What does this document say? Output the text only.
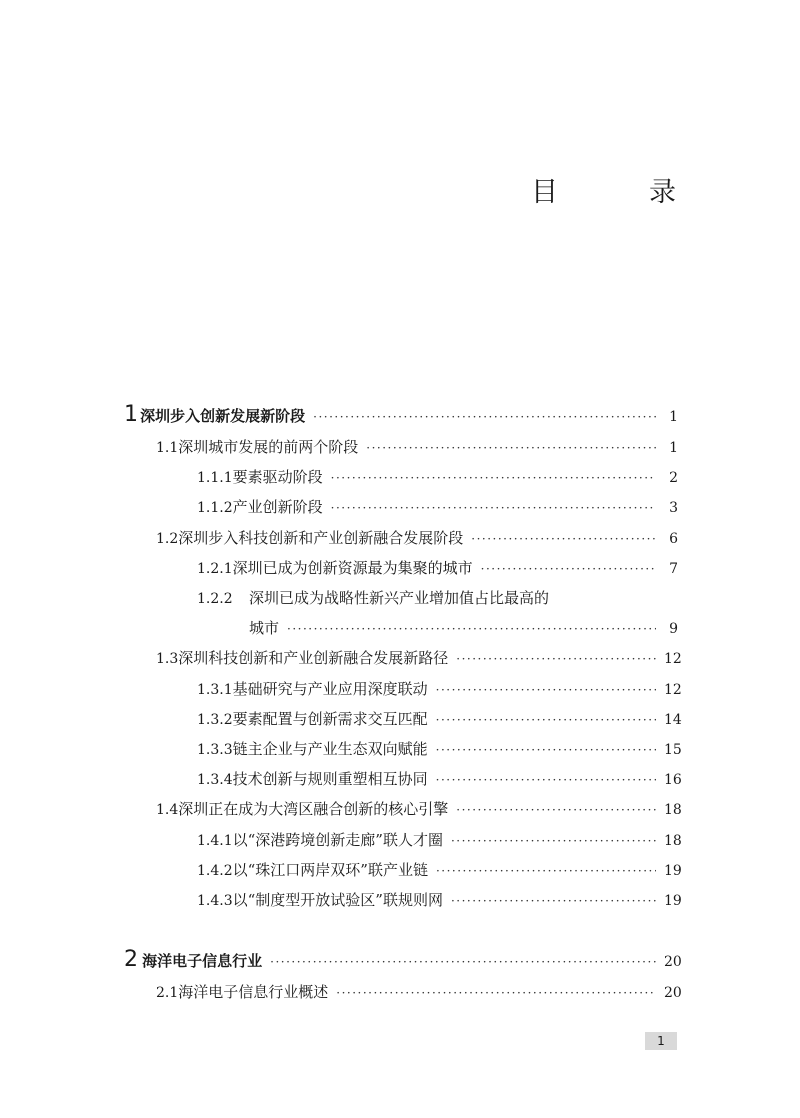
目　录
1 深圳步入创新发展新阶段 ·····	1
1.1 深圳城市发展的前两个阶段 ·····	1
1.1.1 要素驱动阶段 ·····	2
1.1.2 产业创新阶段 ·····	3
1.2 深圳步入科技创新和产业创新融合发展阶段 ·····	6
1.2.1 深圳已成为创新资源最为集聚的城市 ·····	7
1.2.2	深圳已成为战略性新兴产业增加值占比最高的
城市 ·····	9
1.3 深圳科技创新和产业创新融合发展新路径 ·····	12
1.3.1 基础研究与产业应用深度联动 ·····	12
1.3.2 要素配置与创新需求交互匹配 ·····	14
1.3.3 链主企业与产业生态双向赋能 ·····	15
1.3.4 技术创新与规则重塑相互协同 ·····	16
1.4 深圳正在成为大湾区融合创新的核心引擎 ·····	18
1.4.1 以“深港跨境创新走廊”联人才圈 ·····	18
1.4.2 以“珠江口两岸双环”联产业链 ·····	19
1.4.3 以“制度型开放试验区”联规则网 ·····	19
2 海洋电子信息行业 ·····	20
2.1 海洋电子信息行业概述 ·····	20
1
